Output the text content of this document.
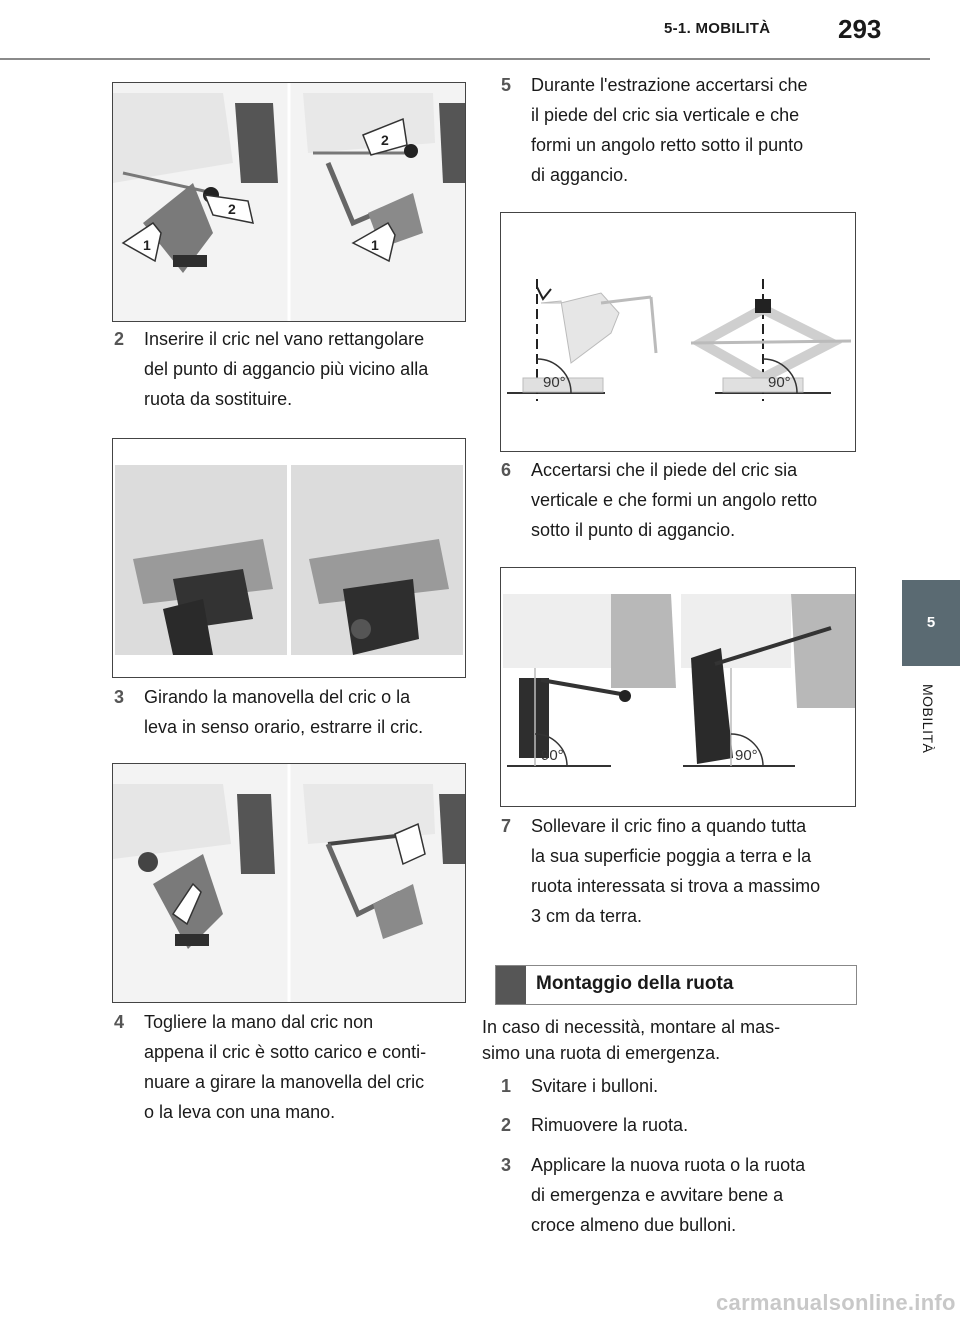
5-1. MOBILITÀ	293
5
MOBILITÀ
1
2
1
2
2 Inserire il cric nel vano rettangolare
del punto di aggancio più vicino alla
ruota da sostituire.
3 Girando la manovella del cric o la
leva in senso orario, estrarre il cric.
4 Togliere la mano dal cric non
appena il cric è sotto carico e conti-
nuare a girare la manovella del cric
o la leva con una mano.
5 Durante l'estrazione accertarsi che
il piede del cric sia verticale e che
formi un angolo retto sotto il punto
di aggancio.
90°	90°
6 Accertarsi che il piede del cric sia
verticale e che formi un angolo retto
sotto il punto di aggancio.
90°	90°
7 Sollevare il cric fino a quando tutta
la sua superficie poggia a terra e la
ruota interessata si trova a massimo
3 cm da terra.
Montaggio della ruota
In caso di necessità, montare al mas-
simo una ruota di emergenza.
1 Svitare i bulloni.
2 Rimuovere la ruota.
3 Applicare la nuova ruota o la ruota
di emergenza e avvitare bene a
croce almeno due bulloni.
carmanualsonline.info
